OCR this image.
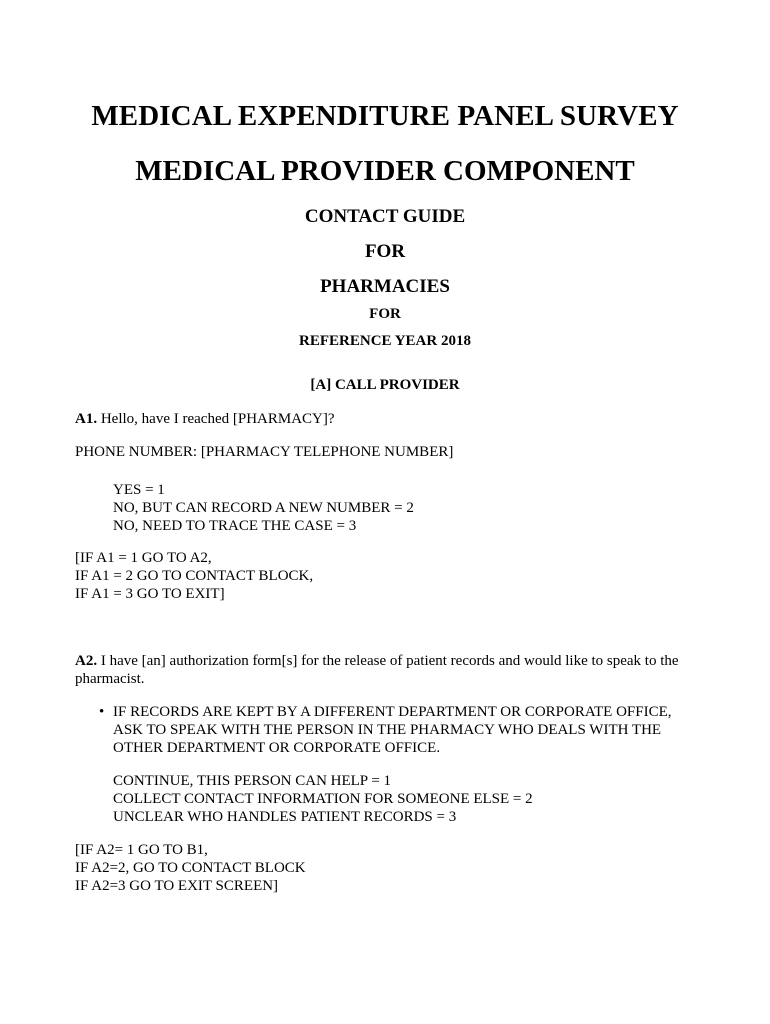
MEDICAL EXPENDITURE PANEL SURVEY
MEDICAL PROVIDER COMPONENT
CONTACT GUIDE
FOR
PHARMACIES
FOR
REFERENCE YEAR 2018
[A] CALL PROVIDER
A1. Hello, have I reached [PHARMACY]?
PHONE NUMBER: [PHARMACY TELEPHONE NUMBER]
YES = 1
NO, BUT CAN RECORD A NEW NUMBER = 2
NO, NEED TO TRACE THE CASE = 3
[IF A1 = 1 GO TO A2,
IF A1 = 2 GO TO CONTACT BLOCK,
IF A1 = 3 GO TO EXIT]
A2. I have [an] authorization form[s] for the release of patient records and would like to speak to the
pharmacist.
• IF RECORDS ARE KEPT BY A DIFFERENT DEPARTMENT OR CORPORATE OFFICE,
ASK TO SPEAK WITH THE PERSON IN THE PHARMACY WHO DEALS WITH THE
OTHER DEPARTMENT OR CORPORATE OFFICE.
CONTINUE, THIS PERSON CAN HELP = 1
COLLECT CONTACT INFORMATION FOR SOMEONE ELSE = 2
UNCLEAR WHO HANDLES PATIENT RECORDS = 3
[IF A2= 1 GO TO B1,
IF A2=2, GO TO CONTACT BLOCK
IF A2=3 GO TO EXIT SCREEN]
